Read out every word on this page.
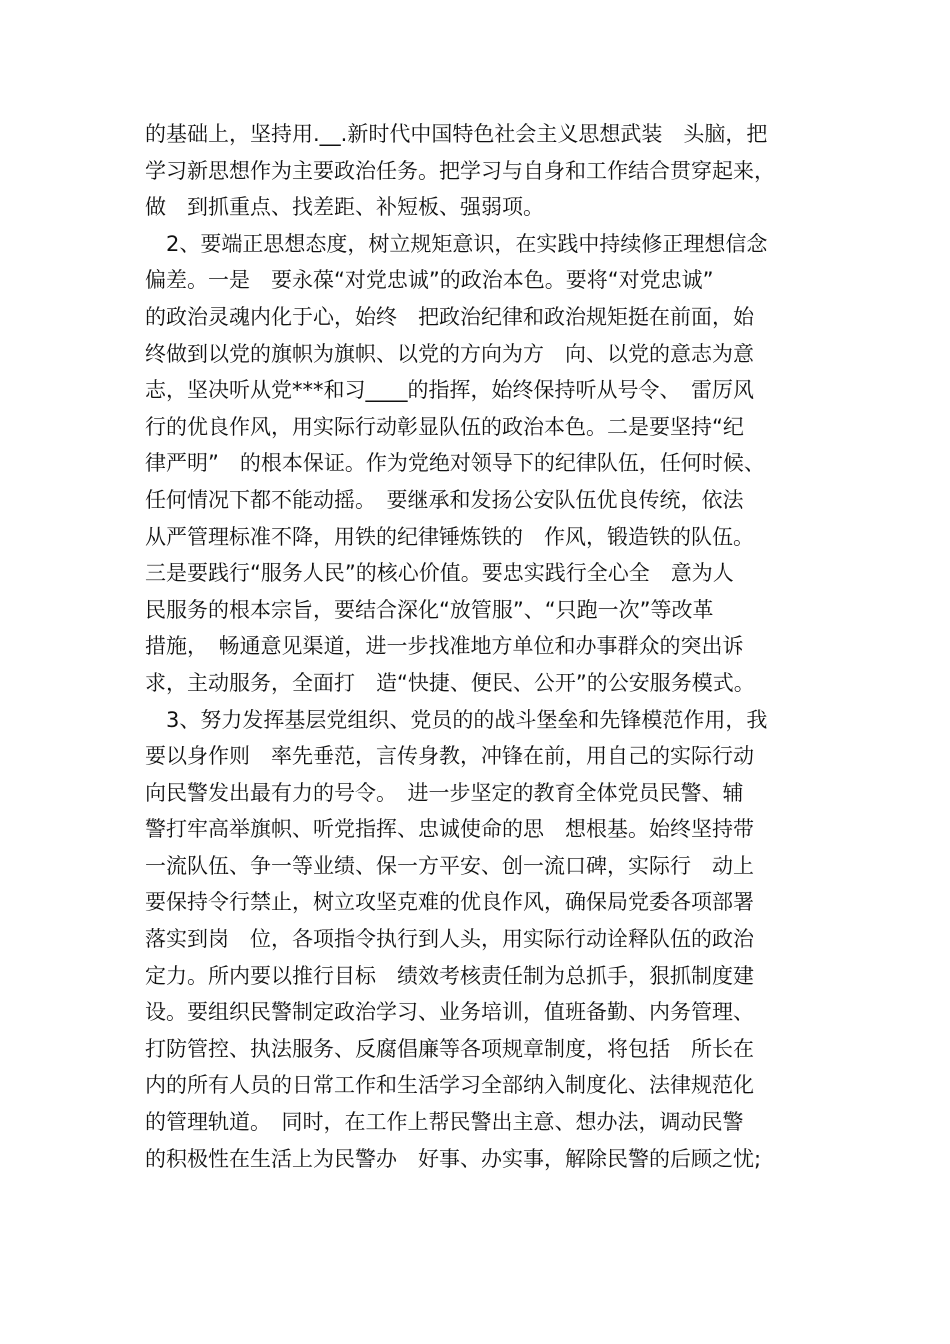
的基础上，坚持用.__.新时代中国特色社会主义思想武装　头脑，把
学习新思想作为主要政治任务。把学习与自身和工作结合贯穿起来，
做　到抓重点、找差距、补短板、强弱项。
2、要端正思想态度，树立规矩意识，在实践中持续修正理想信念
偏差。一是　要永葆“对党忠诚”的政治本色。要将“对党忠诚”
的政治灵魂内化于心，始终　把政治纪律和政治规矩挺在前面，始
终做到以党的旗帜为旗帜、以党的方向为方　向、以党的意志为意
志，坚决听从党***和习____的指挥，始终保持听从号令、　雷厉风
行的优良作风，用实际行动彰显队伍的政治本色。二是要坚持“纪
律严明”　的根本保证。作为党绝对领导下的纪律队伍，任何时候、
任何情况下都不能动摇。　要继承和发扬公安队伍优良传统，依法
从严管理标准不降，用铁的纪律锤炼铁的　作风，锻造铁的队伍。
三是要践行“服务人民”的核心价值。要忠实践行全心全　意为人
民服务的根本宗旨，要结合深化“放管服”、“只跑一次”等改革
措施，　畅通意见渠道，进一步找准地方单位和办事群众的突出诉
求，主动服务，全面打　造“快捷、便民、公开”的公安服务模式。
3、努力发挥基层党组织、党员的的战斗堡垒和先锋模范作用，我
要以身作则　率先垂范，言传身教，冲锋在前，用自己的实际行动
向民警发出最有力的号令。　进一步坚定的教育全体党员民警、辅
警打牢高举旗帜、听党指挥、忠诚使命的思　想根基。始终坚持带
一流队伍、争一等业绩、保一方平安、创一流口碑，实际行　动上
要保持令行禁止，树立攻坚克难的优良作风，确保局党委各项部署
落实到岗　位，各项指令执行到人头，用实际行动诠释队伍的政治
定力。所内要以推行目标　绩效考核责任制为总抓手，狠抓制度建
设。要组织民警制定政治学习、业务培训，值班备勤、内务管理、
打防管控、执法服务、反腐倡廉等各项规章制度，将包括　所长在
内的所有人员的日常工作和生活学习全部纳入制度化、法律规范化
的管理轨道。　同时，在工作上帮民警出主意、想办法，调动民警
的积极性在生活上为民警办　好事、办实事，解除民警的后顾之忧;
